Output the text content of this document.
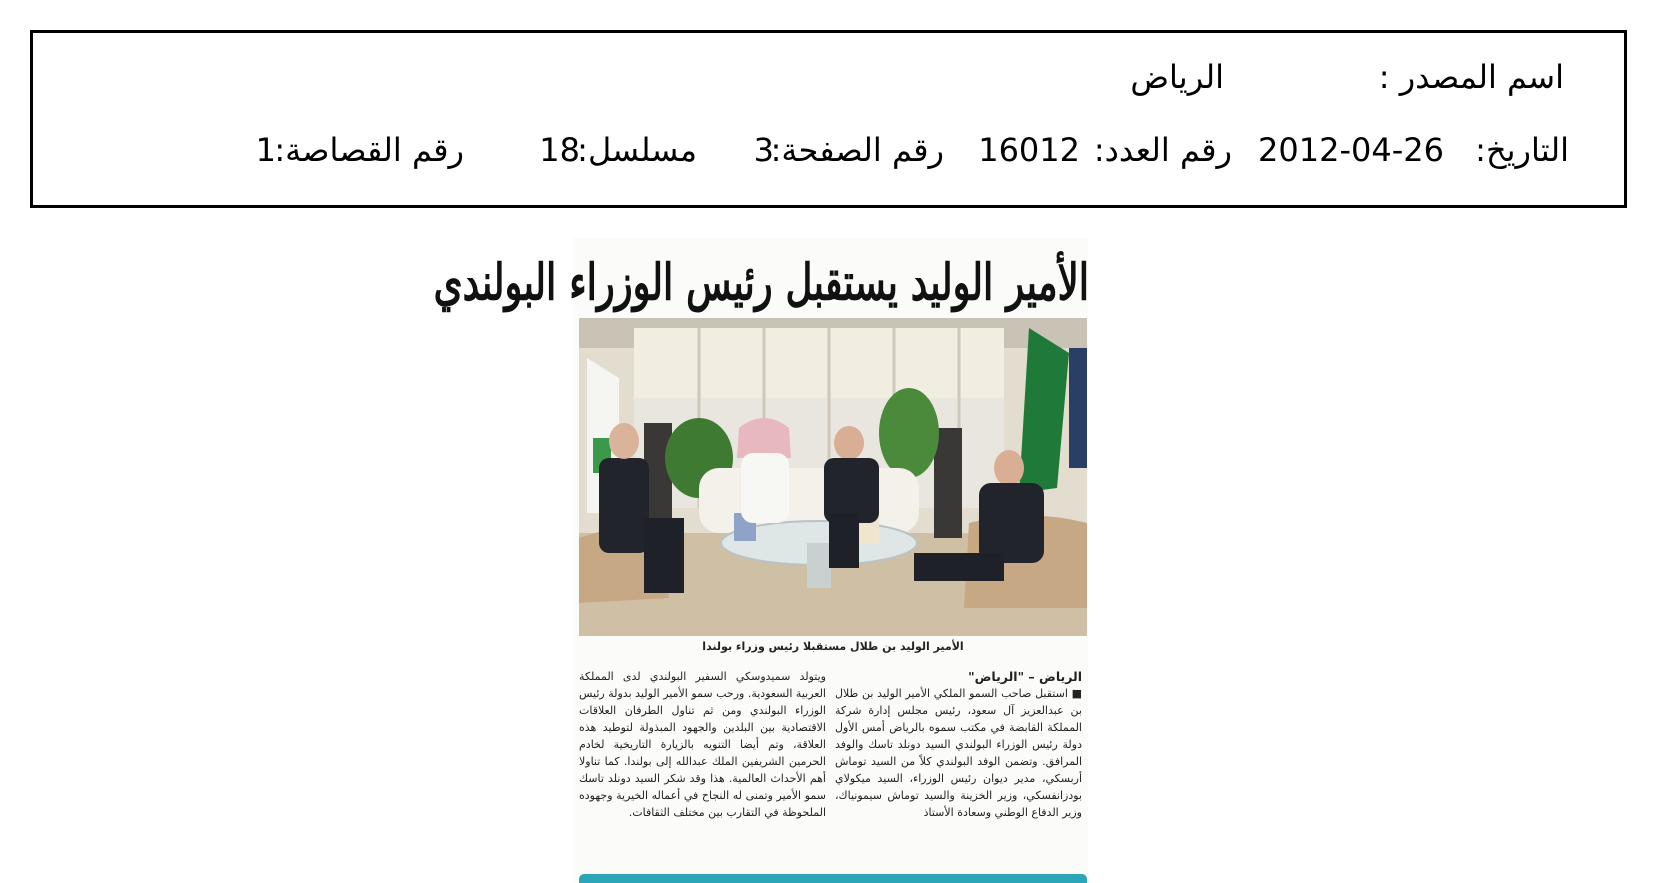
اسم المصدر :
الرياض
التاريخ:
2012-04-26
رقم العدد:
16012
رقم الصفحة:
3
مسلسل:
18
رقم القصاصة:
1
الأمير الوليد يستقبل رئيس الوزراء البولندي
الأمير الوليد بن طلال مستقبلا رئيس وزراء بولندا
الرياض – "الرياض"
■ استقبل صاحب السمو الملكي الأمير الوليد بن طلال بن عبدالعزيز آل سعود، رئيس مجلس إدارة شركة المملكة القابضة في مكتب سموه بالرياض أمس الأول دولة رئيس الوزراء البولندي السيد دونلد تاسك والوفد المرافق. وتضمن الوفد البولندي كلاً من السيد توماش أربسكي، مدير ديوان رئيس الوزراء، السيد ميكولاي بودزانفسكي، وزير الخزينة والسيد توماش سيمونياك، وزير الدفاع الوطني وسعادة الأستاذ
ويتولد سميدوسكي السفير البولندي لدى المملكة العربية السعودية. ورحب سمو الأمير الوليد بدولة رئيس الوزراء البولندي ومن ثم تناول الطرفان العلاقات الاقتصادية بين البلدين والجهود المبذولة لتوطيد هذه العلاقة، وتم أيضا التنويه بالزيارة التاريخية لخادم الحرمين الشريفين الملك عبدالله إلى بولندا. كما تناولا أهم الأحداث العالمية. هذا وقد شكر السيد دونلد تاسك سمو الأمير وتمنى له النجاح في أعماله الخيرية وجهوده الملحوظة في التقارب بين مختلف الثقافات.
